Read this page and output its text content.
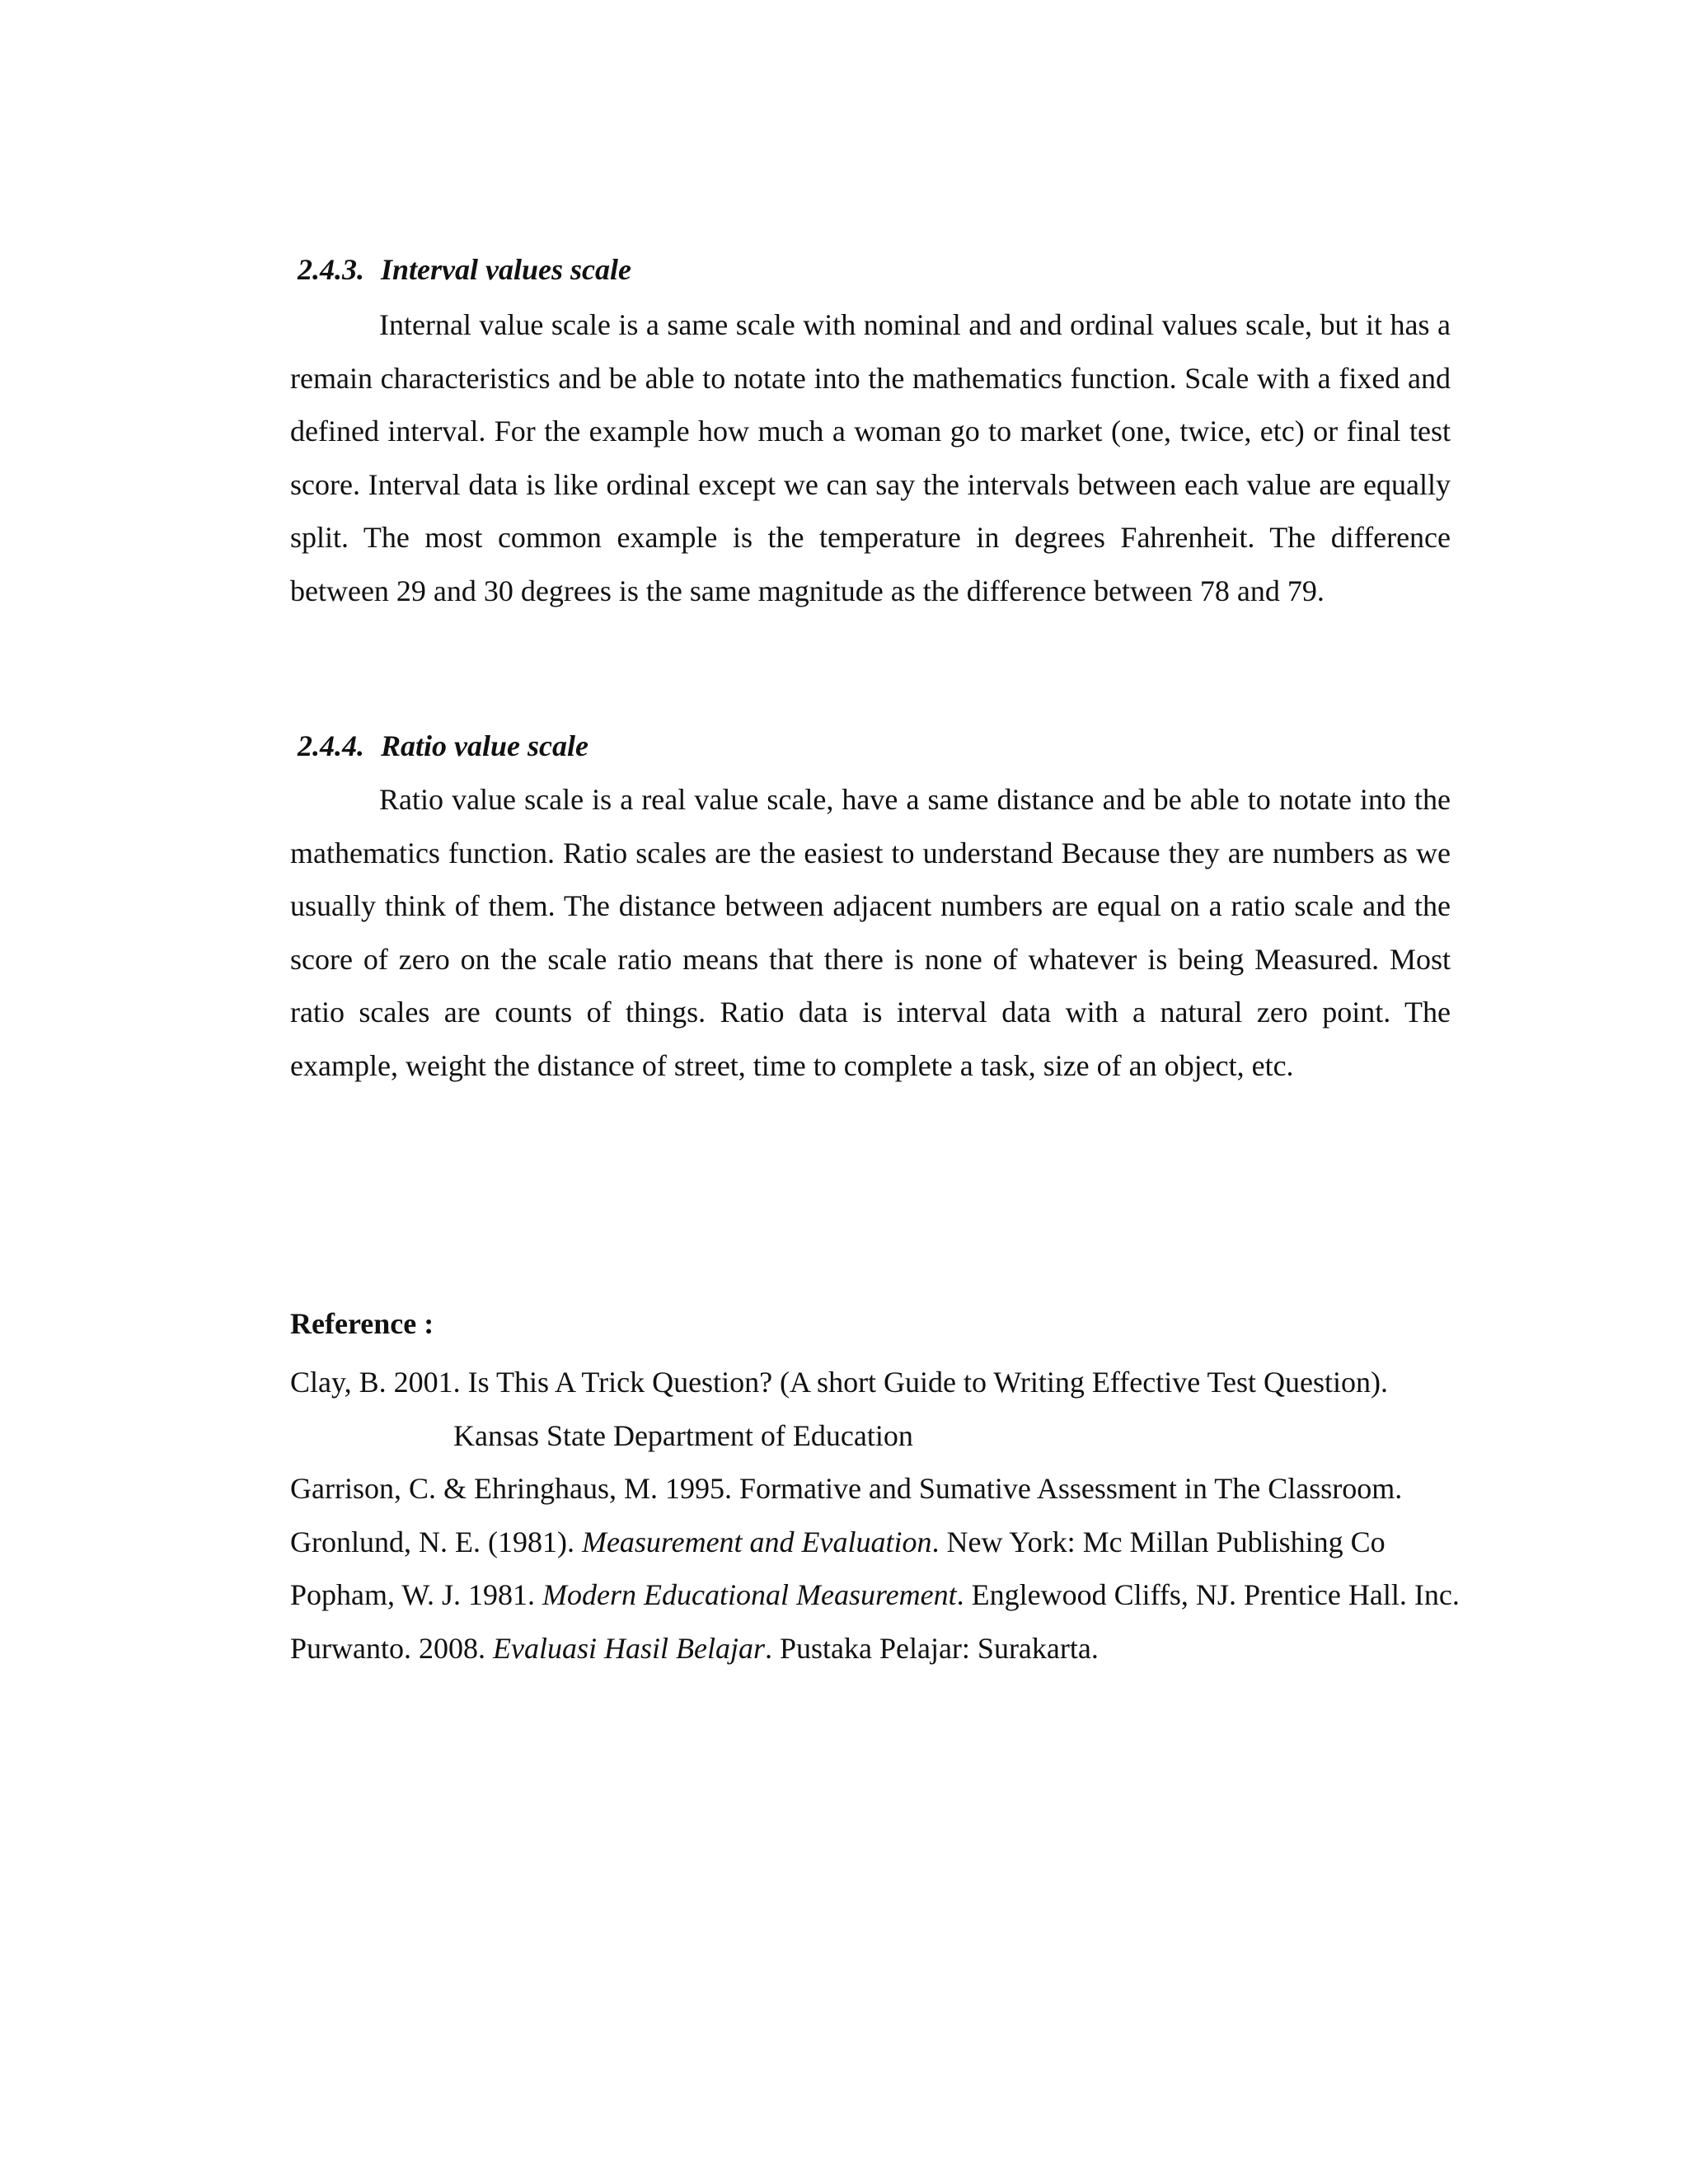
2.4.3. Interval values scale

Internal value scale is a same scale with nominal and and ordinal values scale, but it has a remain characteristics and be able to notate into the mathematics function. Scale with a fixed and defined interval. For the example how much a woman go to market (one, twice, etc) or final test score. Interval data is like ordinal except we can say the intervals between each value are equally split. The most common example is the temperature in degrees Fahrenheit. The difference between 29 and 30 degrees is the same magnitude as the difference between 78 and 79.

2.4.4. Ratio value scale

Ratio value scale is a real value scale, have a same distance and be able to notate into the mathematics function. Ratio scales are the easiest to understand Because they are numbers as we usually think of them. The distance between adjacent numbers are equal on a ratio scale and the score of zero on the scale ratio means that there is none of whatever is being Measured. Most ratio scales are counts of things. Ratio data is interval data with a natural zero point. The example, weight the distance of street, time to complete a task, size of an object, etc.

Reference :

Clay, B. 2001. Is This A Trick Question? (A short Guide to Writing Effective Test Question). Kansas State Department of Education

Garrison, C. & Ehringhaus, M. 1995. Formative and Sumative Assessment in The Classroom.

Gronlund, N. E. (1981). Measurement and Evaluation. New York: Mc Millan Publishing Co

Popham, W. J. 1981. Modern Educational Measurement. Englewood Cliffs, NJ. Prentice Hall. Inc.

Purwanto. 2008. Evaluasi Hasil Belajar. Pustaka Pelajar: Surakarta.
